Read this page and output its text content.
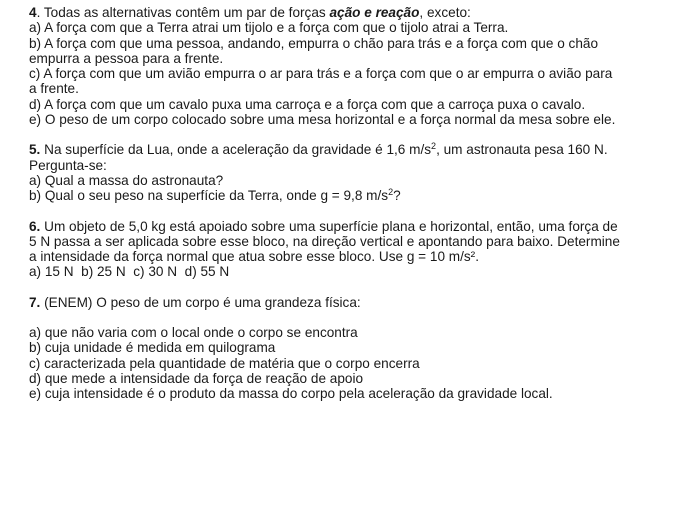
4. Todas as alternativas contêm um par de forças ação e reação, exceto:
a) A força com que a Terra atrai um tijolo e a força com que o tijolo atrai a Terra.
b) A força com que uma pessoa, andando, empurra o chão para trás e a força com que o chão
empurra a pessoa para a frente.
c) A força com que um avião empurra o ar para trás e a força com que o ar empurra o avião para
a frente.
d) A força com que um cavalo puxa uma carroça e a força com que a carroça puxa o cavalo.
e) O peso de um corpo colocado sobre uma mesa horizontal e a força normal da mesa sobre ele.
5. Na superfície da Lua, onde a aceleração da gravidade é 1,6 $m/s^2$, um astronauta pesa 160 N.
Pergunta-se:
a) Qual a massa do astronauta?
b) Qual o seu peso na superfície da Terra, onde g = 9,8 $m/s^2$?
6. Um objeto de 5,0 kg está apoiado sobre uma superfície plana e horizontal, então, uma força de
5 N passa a ser aplicada sobre esse bloco, na direção vertical e apontando para baixo. Determine
a intensidade da força normal que atua sobre esse bloco. Use g = 10 m/s².
a) 15 N  b) 25 N  c) 30 N  d) 55 N
7. (ENEM) O peso de um corpo é uma grandeza física:
a) que não varia com o local onde o corpo se encontra
b) cuja unidade é medida em quilograma
c) caracterizada pela quantidade de matéria que o corpo encerra
d) que mede a intensidade da força de reação de apoio
e) cuja intensidade é o produto da massa do corpo pela aceleração da gravidade local.
